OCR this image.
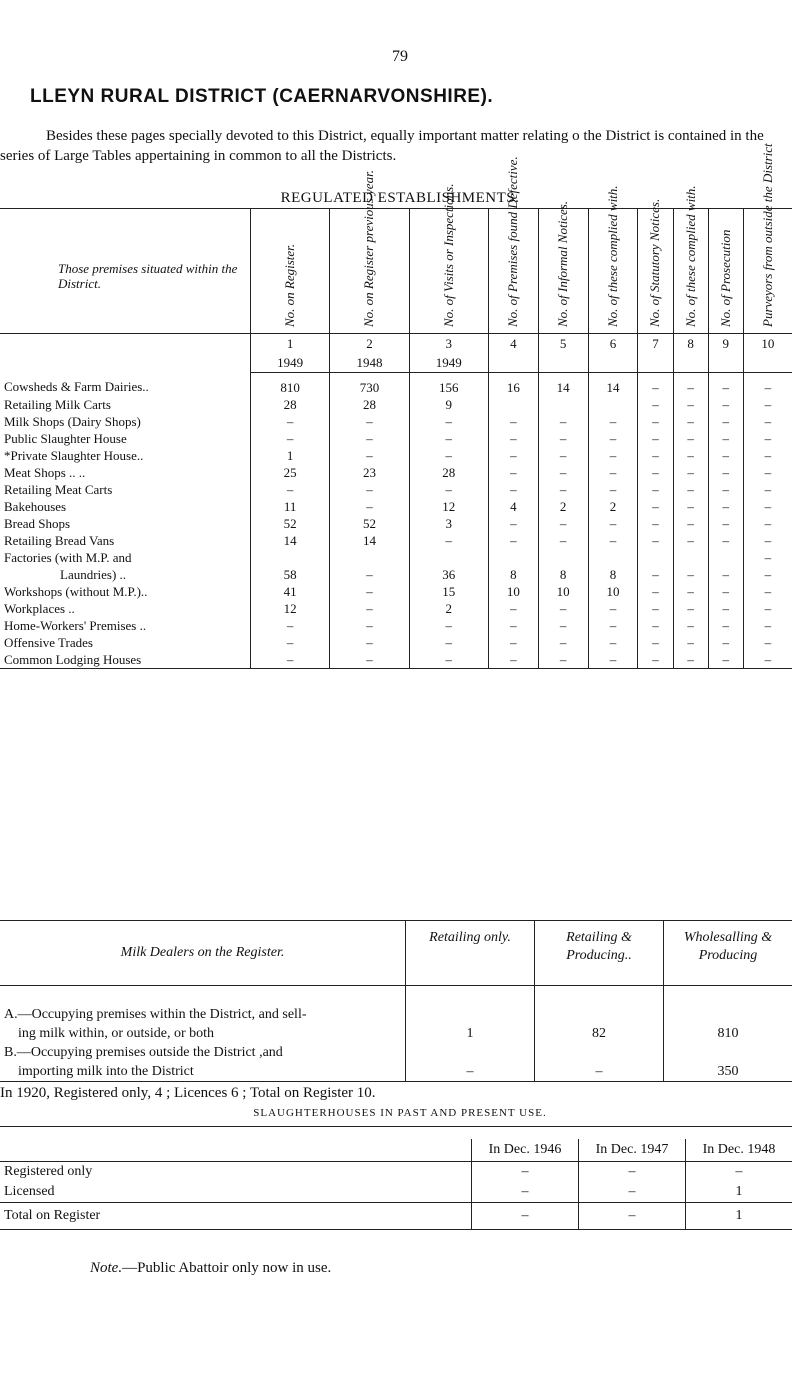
79
LLEYN RURAL DISTRICT (CAERNARVONSHIRE).

Besides these pages specially devoted to this District, equally important matter relating o the District is contained in the series of Large Tables appertaining in common to all the Districts.

REGULATED ESTABLISHMENTS.
Those premises situated within the District.	No. on Register.	No. on Register previous year.	No. of Visits or Inspections.	No. of Premises found Defective.	No. of Informal Notices.	No. of these complied with.	No. of Statutory Notices.	No. of these complied with.	No. of Prosecution	Purveyors from outside the District

	1	2	3	4	5	6	7	8	9	10
	1949	1948	1949							
Cowsheds & Farm Dairies..	810	730	156	16	14	14	–	–	–	–
Retailing Milk Carts	28	28	9				–	–	–	–
Milk Shops (Dairy Shops)	–	–	–	–	–	–	–	–	–	–
Public Slaughter House	–	–	–	–	–	–	–	–	–	–
*Private Slaughter House..	1	–	–	–	–	–	–	–	–	–
Meat Shops .. ..	25	23	28	–	–	–	–	–	–	–
Retailing Meat Carts	–	–	–	–	–	–	–	–	–	–
Bakehouses	11	–	12	4	2	2	–	–	–	–
Bread Shops	52	52	3	–	–	–	–	–	–	–
Retailing Bread Vans	14	14	–	–	–	–	–	–	–	–
Factories (with M.P. and										–
Laundries) ..	58	–	36	8	8	8	–	–	–	–
Workshops (without M.P.)..	41	–	15	10	10	10	–	–	–	–
Workplaces ..	12	–	2	–	–	–	–	–	–	–
Home-Workers' Premises ..	–	–	–	–	–	–	–	–	–	–
Offensive Trades	–	–	–	–	–	–	–	–	–	–
Common Lodging Houses	–	–	–	–	–	–	–	–	–	–
Milk Dealers on the Register.	Retailing only.	Retailing & Producing..	Wholesalling & Producing

A.—Occupying premises within the District, and sell-			
ing milk within, or outside, or both	1	82	810
B.—Occupying premises outside the District ,and			
importing milk into the District	–	–	350
In 1920, Registered only, 4 ; Licences 6 ; Total on Register 10.
SLAUGHTERHOUSES IN PAST AND PRESENT USE.
	In Dec. 1946	In Dec. 1947	In Dec. 1948
Registered only	–	–	–
Licensed	–	–	1
Total on Register	–	–	1
Note.—Public Abattoir only now in use.
